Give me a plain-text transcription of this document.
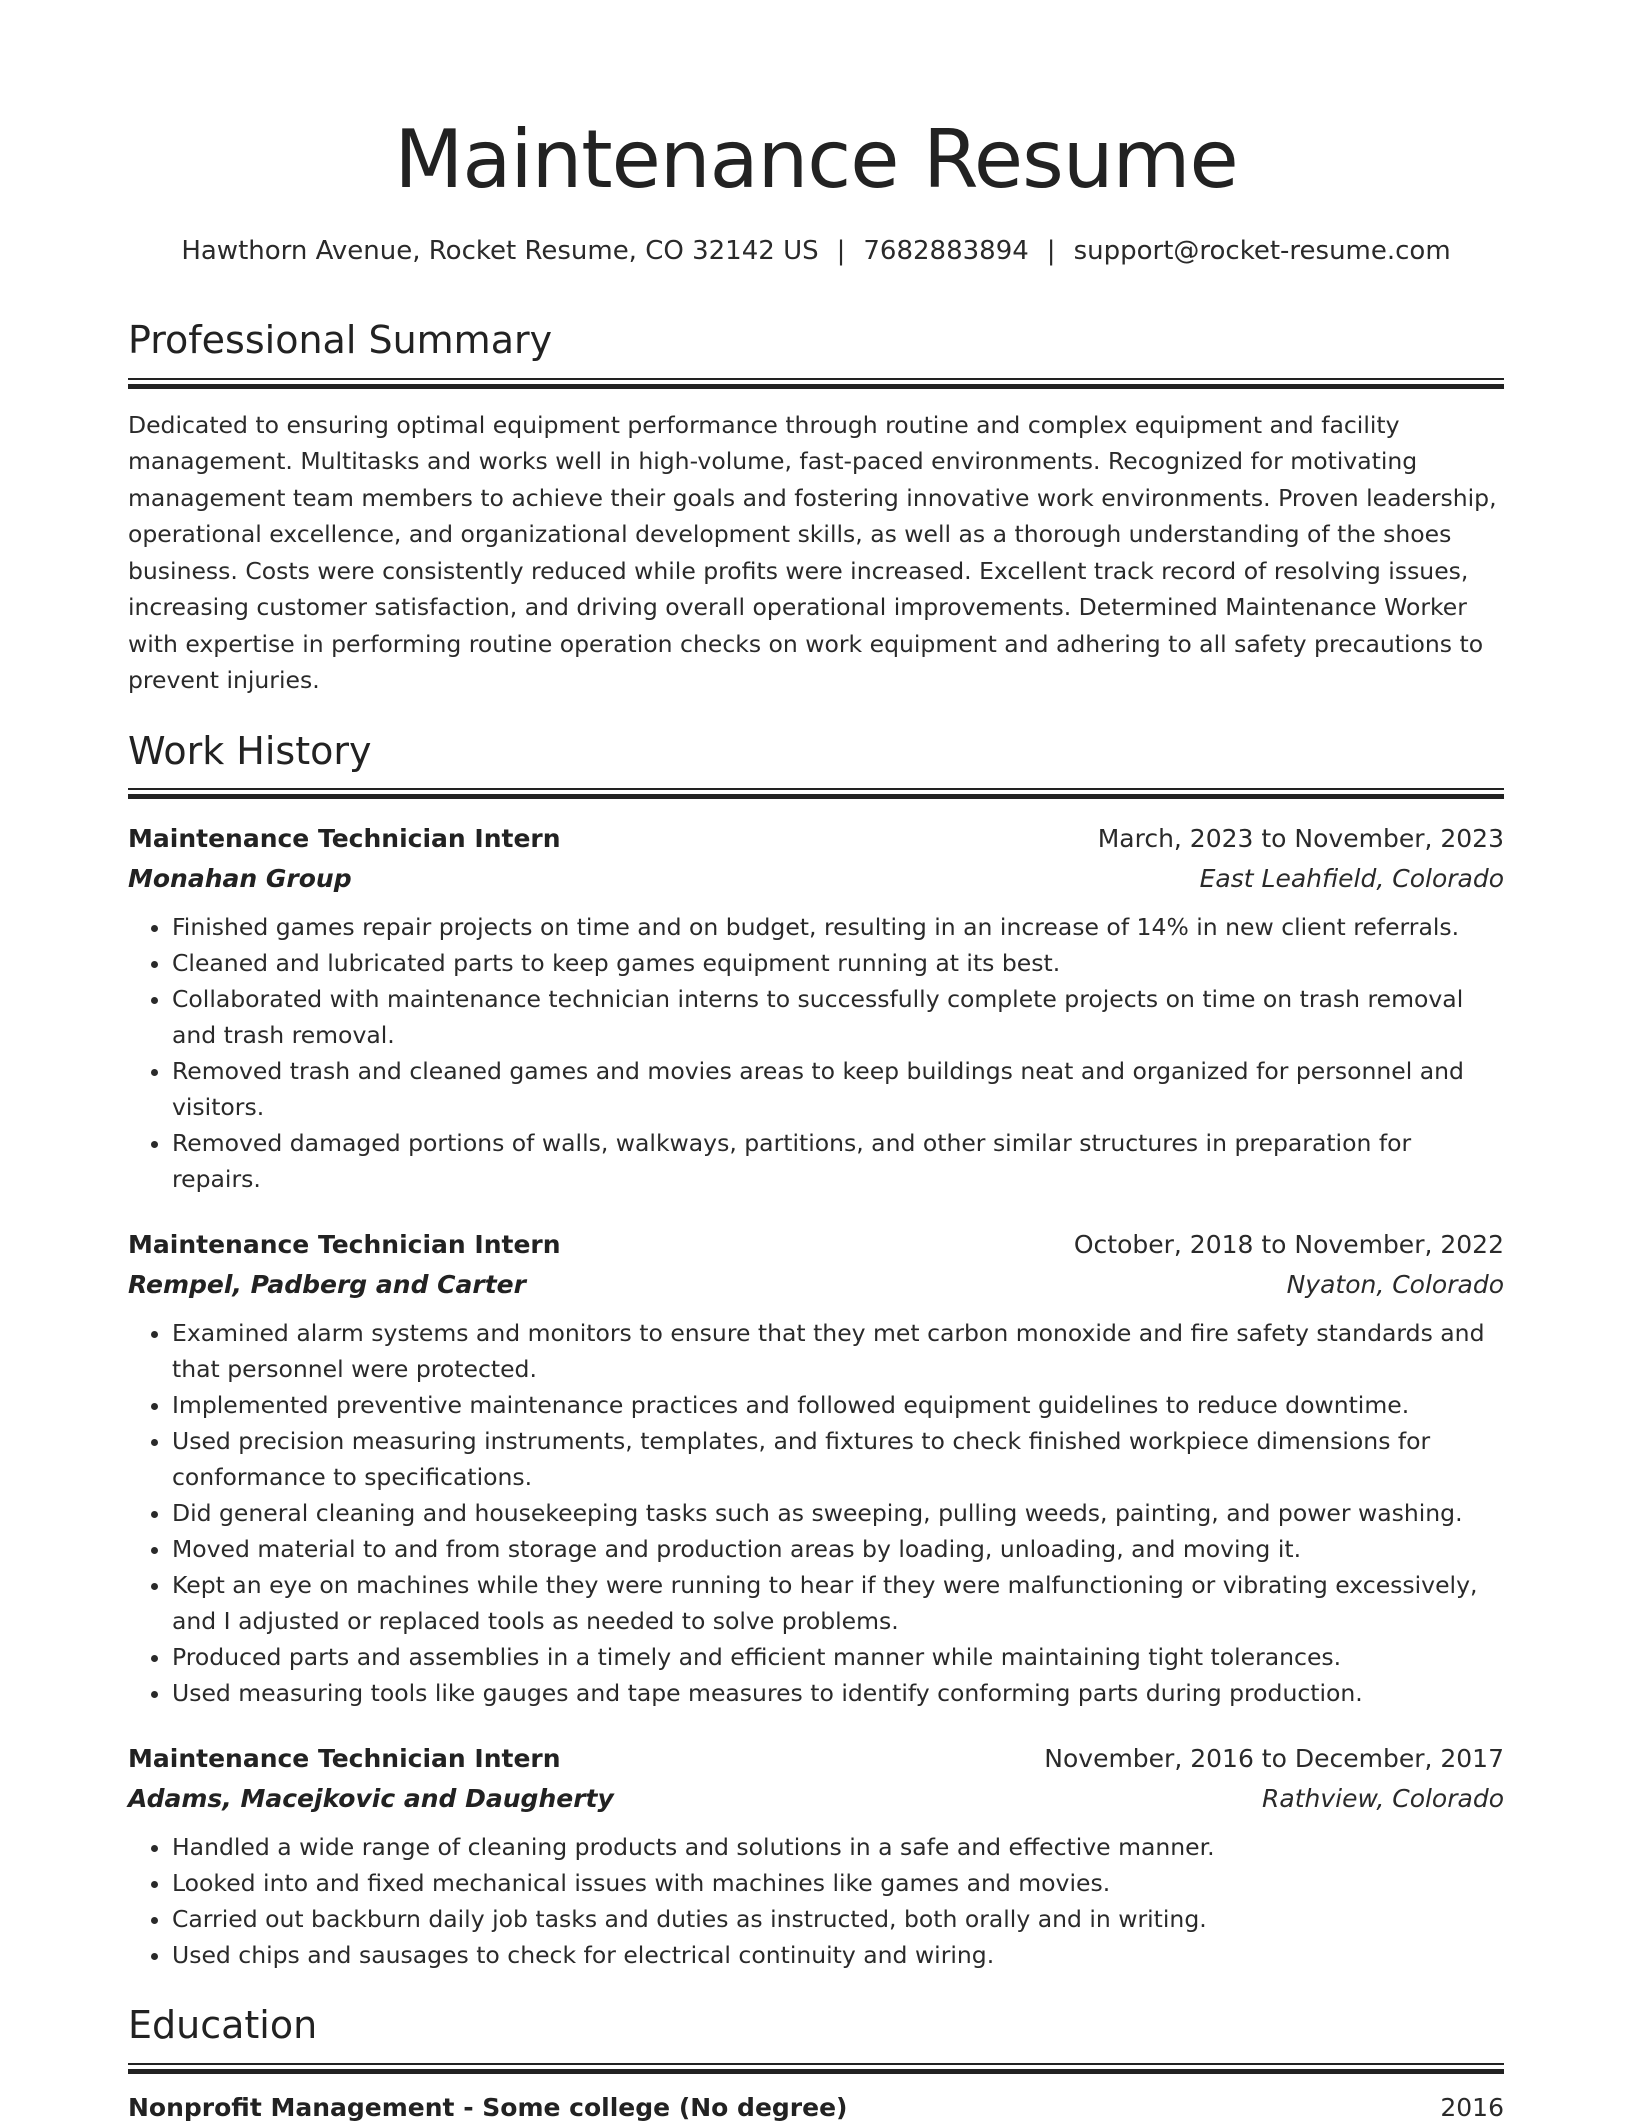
Maintenance Resume
Hawthorn Avenue, Rocket Resume, CO 32142 US | 7682883894 | support@rocket-resume.com
Professional Summary

Dedicated to ensuring optimal equipment performance through routine and complex equipment and facility management. Multitasks and works well in high-volume, fast-paced environments. Recognized for motivating management team members to achieve their goals and fostering innovative work environments. Proven leadership, operational excellence, and organizational development skills, as well as a thorough understanding of the shoes business. Costs were consistently reduced while profits were increased. Excellent track record of resolving issues, increasing customer satisfaction, and driving overall operational improvements. Determined Maintenance Worker with expertise in performing routine operation checks on work equipment and adhering to all safety precautions to prevent injuries.

Work History
Maintenance Technician Intern	March, 2023 to November, 2023
Monahan Group	East Leahfield, Colorado
• Finished games repair projects on time and on budget, resulting in an increase of 14% in new client referrals.
• Cleaned and lubricated parts to keep games equipment running at its best.
• Collaborated with maintenance technician interns to successfully complete projects on time on trash removal and trash removal.
• Removed trash and cleaned games and movies areas to keep buildings neat and organized for personnel and visitors.
• Removed damaged portions of walls, walkways, partitions, and other similar structures in preparation for repairs.
Maintenance Technician Intern	October, 2018 to November, 2022
Rempel, Padberg and Carter	Nyaton, Colorado
• Examined alarm systems and monitors to ensure that they met carbon monoxide and fire safety standards and that personnel were protected.
• Implemented preventive maintenance practices and followed equipment guidelines to reduce downtime.
• Used precision measuring instruments, templates, and fixtures to check finished workpiece dimensions for conformance to specifications.
• Did general cleaning and housekeeping tasks such as sweeping, pulling weeds, painting, and power washing.
• Moved material to and from storage and production areas by loading, unloading, and moving it.
• Kept an eye on machines while they were running to hear if they were malfunctioning or vibrating excessively, and I adjusted or replaced tools as needed to solve problems.
• Produced parts and assemblies in a timely and efficient manner while maintaining tight tolerances.
• Used measuring tools like gauges and tape measures to identify conforming parts during production.
Maintenance Technician Intern	November, 2016 to December, 2017
Adams, Macejkovic and Daugherty	Rathview, Colorado
• Handled a wide range of cleaning products and solutions in a safe and effective manner.
• Looked into and fixed mechanical issues with machines like games and movies.
• Carried out backburn daily job tasks and duties as instructed, both orally and in writing.
• Used chips and sausages to check for electrical continuity and wiring.
Education
Nonprofit Management - Some college (No degree)	2016
